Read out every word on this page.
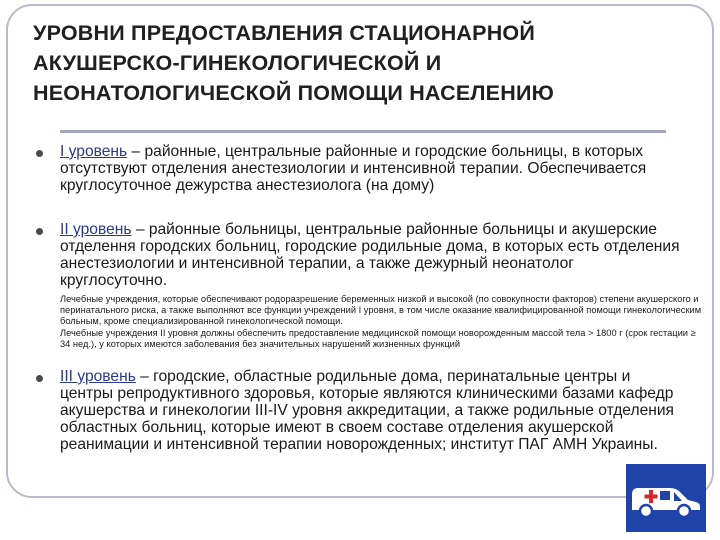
УРОВНИ ПРЕДОСТАВЛЕНИЯ СТАЦИОНАРНОЙ
АКУШЕРСКО-ГИНЕКОЛОГИЧЕСКОЙ И
НЕОНАТОЛОГИЧЕСКОЙ ПОМОЩИ НАСЕЛЕНИЮ
I уровень – районные, центральные районные и городские больницы, в которых отсутствуют отделения анестезиологии и интенсивной терапии. Обеспечивается круглосуточное дежурства анестезиолога (на дому)
II уровень – районные больницы, центральные районные больницы и акушерские отделення городских больниц, городские родильные дома, в которых есть отделения анестезиологии и интенсивной терапии, а также дежурный неонатолог круглосуточно.
Лечебные учреждения, которые обеспечивают родоразрешение беременных низкой и высокой (по совокупности факторов) степени акушерского и перинатального риска, а также выполняют все функции учреждений I уровня, в том числе оказание квалифицированной помощи гинекологическим больным, кроме специализированной гинекологической помощи.
Лечебные учреждения II уровня должны обеспечить предоставление медицинской помощи новорожденным массой тела > 1800 г (срок гестации ≥ 34 нед.), у которых имеются заболевания без значительных нарушений жизненных функций
III уровень – городские, областные родильные дома, перинатальные центры и центры репродуктивного здоровья, которые являются клиническими базами кафедр акушерства и гинекологии III-IV уровня аккредитации, а также родильные отделения областных больниц, которые имеют в своем составе отделения акушерской реанимации и интенсивной терапии новорожденных; институт ПАГ АМН Украины.
